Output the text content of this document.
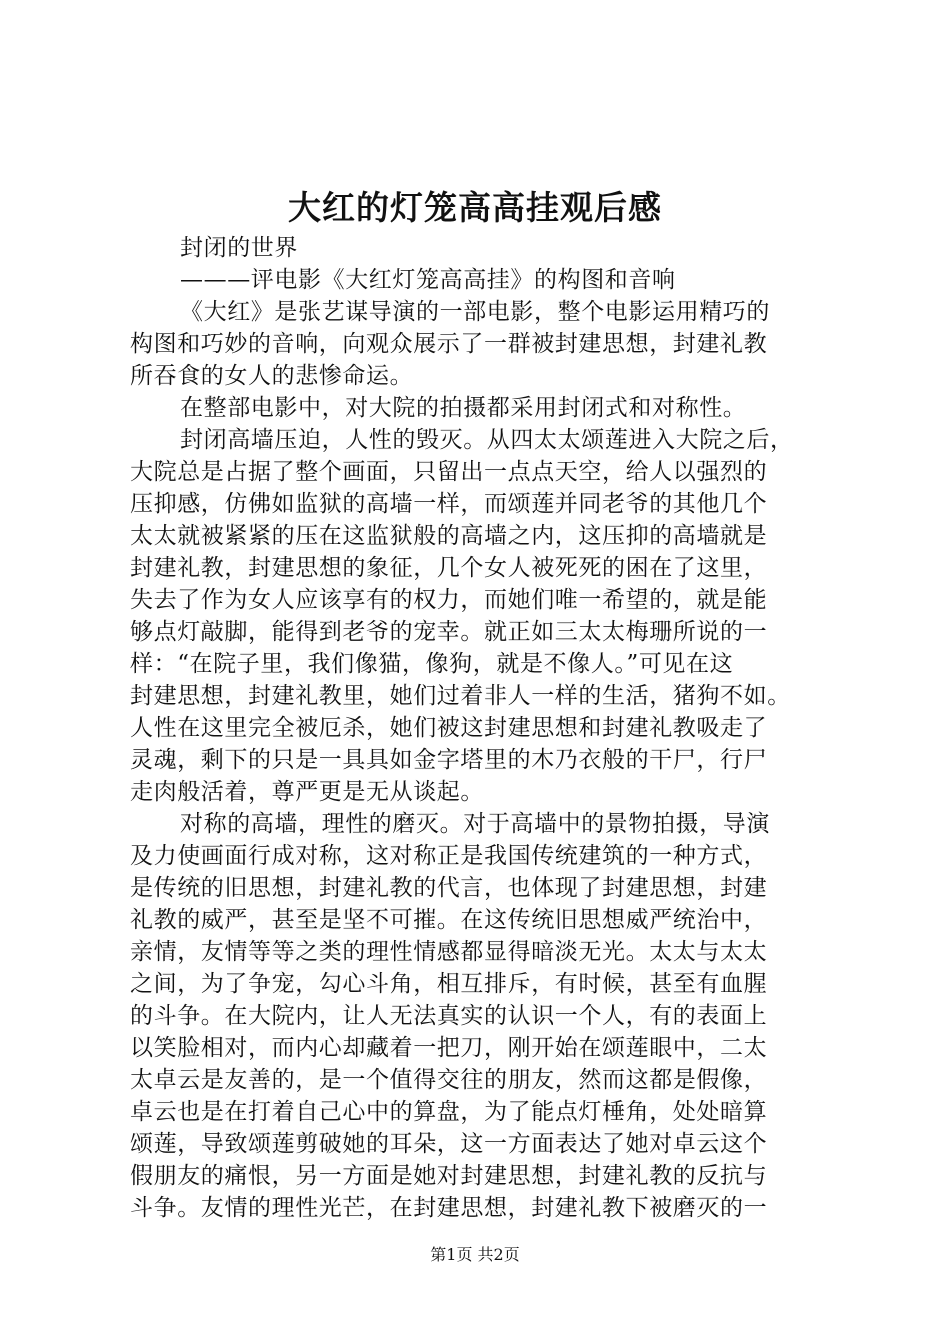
大红的灯笼高高挂观后感
封闭的世界
———评电影《大红灯笼高高挂》的构图和音响
《大红》是张艺谋导演的一部电影，整个电影运用精巧的
构图和巧妙的音响，向观众展示了一群被封建思想，封建礼教
所吞食的女人的悲惨命运。
在整部电影中，对大院的拍摄都采用封闭式和对称性。
封闭高墙压迫，人性的毁灭。从四太太颂莲进入大院之后，
大院总是占据了整个画面，只留出一点点天空，给人以强烈的
压抑感，仿佛如监狱的高墙一样，而颂莲并同老爷的其他几个
太太就被紧紧的压在这监狱般的高墙之内，这压抑的高墙就是
封建礼教，封建思想的象征，几个女人被死死的困在了这里，
失去了作为女人应该享有的权力，而她们唯一希望的，就是能
够点灯敲脚，能得到老爷的宠幸。就正如三太太梅珊所说的一
样：“在院子里，我们像猫，像狗，就是不像人。”可见在这
封建思想，封建礼教里，她们过着非人一样的生活，猪狗不如。
人性在这里完全被厄杀，她们被这封建思想和封建礼教吸走了
灵魂，剩下的只是一具具如金字塔里的木乃衣般的干尸，行尸
走肉般活着，尊严更是无从谈起。
对称的高墙，理性的磨灭。对于高墙中的景物拍摄，导演
及力使画面行成对称，这对称正是我国传统建筑的一种方式，
是传统的旧思想，封建礼教的代言，也体现了封建思想，封建
礼教的威严，甚至是坚不可摧。在这传统旧思想威严统治中，
亲情，友情等等之类的理性情感都显得暗淡无光。太太与太太
之间，为了争宠，勾心斗角，相互排斥，有时候，甚至有血腥
的斗争。在大院内，让人无法真实的认识一个人，有的表面上
以笑脸相对，而内心却藏着一把刀，刚开始在颂莲眼中，二太
太卓云是友善的，是一个值得交往的朋友，然而这都是假像，
卓云也是在打着自己心中的算盘，为了能点灯棰角，处处暗算
颂莲，导致颂莲剪破她的耳朵，这一方面表达了她对卓云这个
假朋友的痛恨，另一方面是她对封建思想，封建礼教的反抗与
斗争。友情的理性光芒，在封建思想，封建礼教下被磨灭的一
第1页 共2页
